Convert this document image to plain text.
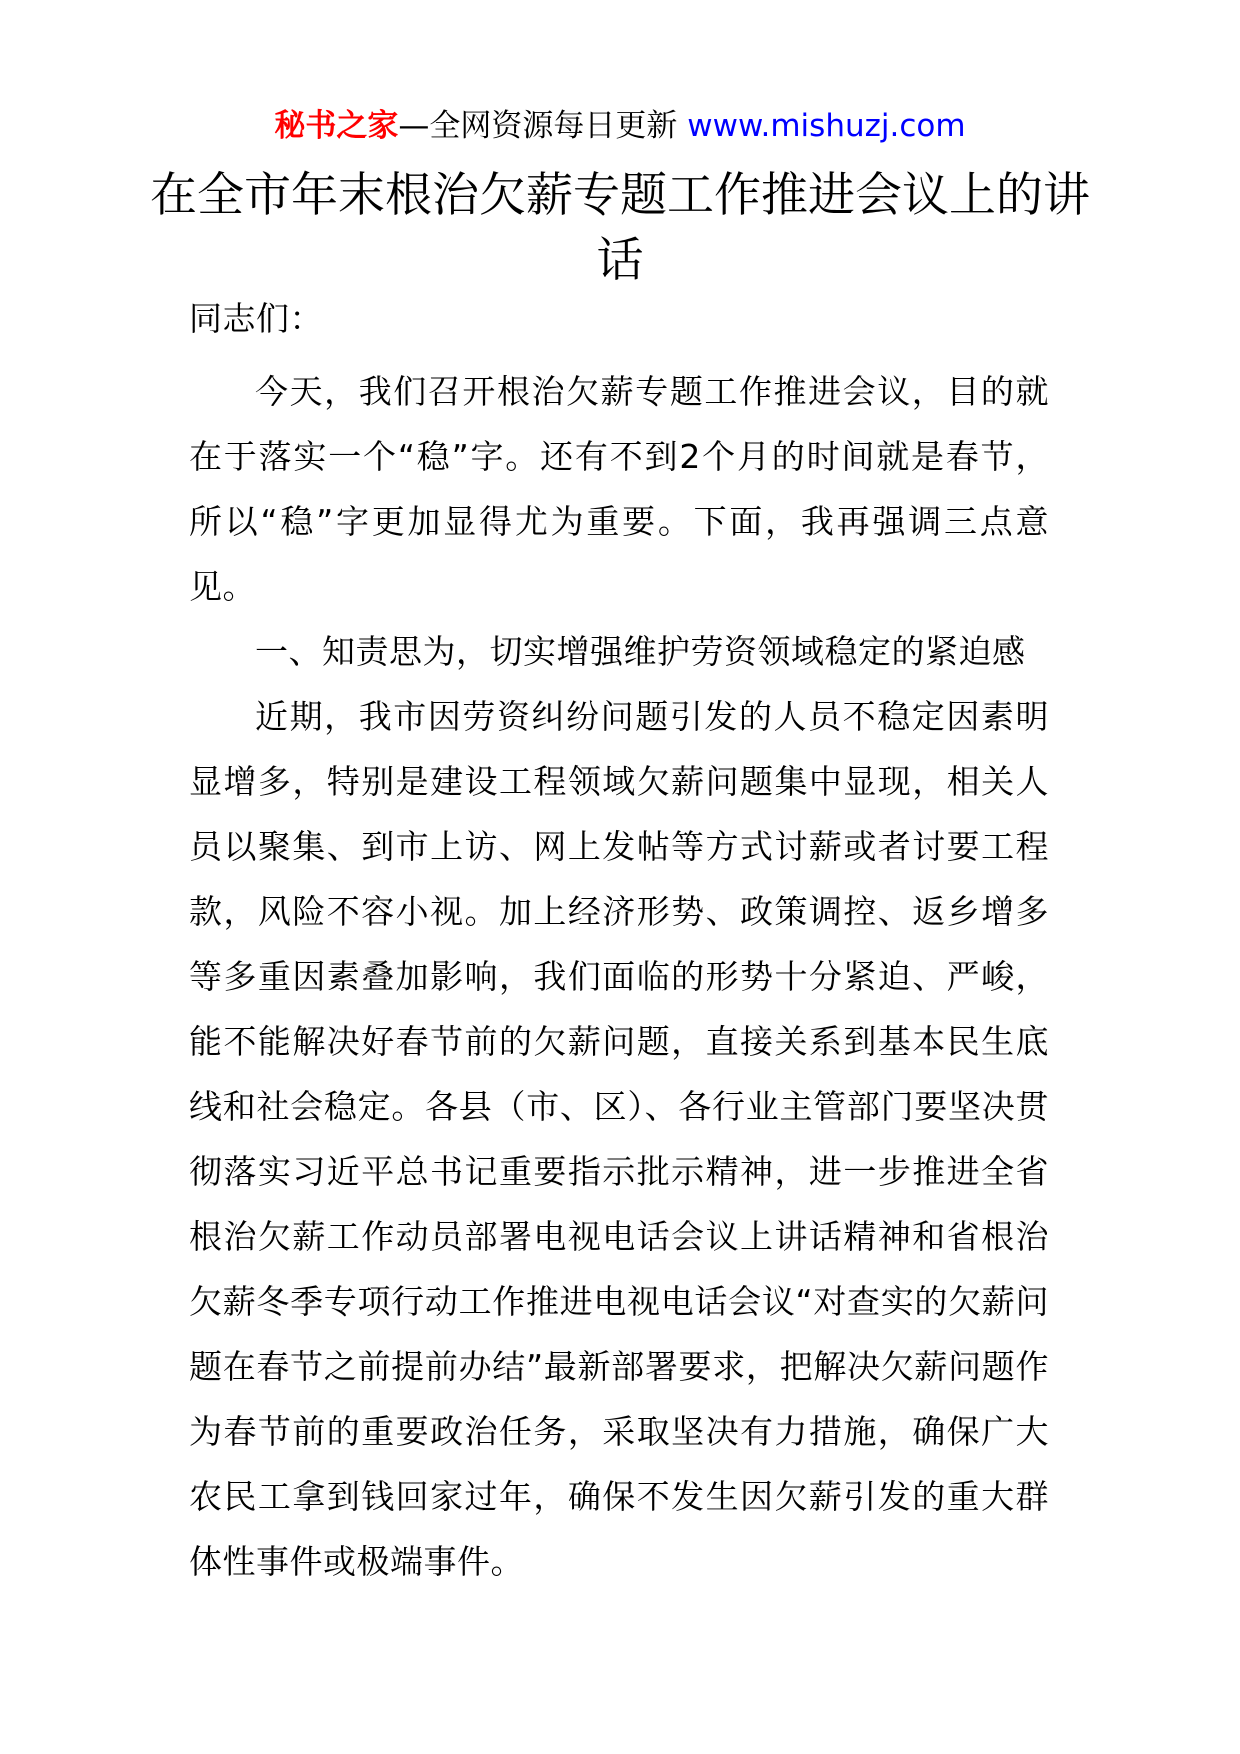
秘书之家—全网资源每日更新 www.mishuzj.com
在全市年末根治欠薪专题工作推进会议上的讲话

同志们：

今天，我们召开根治欠薪专题工作推进会议，目的就在于落实一个“稳”字。还有不到2个月的时间就是春节，所以“稳”字更加显得尤为重要。下面，我再强调三点意见。

一、知责思为，切实增强维护劳资领域稳定的紧迫感

近期，我市因劳资纠纷问题引发的人员不稳定因素明显增多，特别是建设工程领域欠薪问题集中显现，相关人员以聚集、到市上访、网上发帖等方式讨薪或者讨要工程款，风险不容小视。加上经济形势、政策调控、返乡增多等多重因素叠加影响，我们面临的形势十分紧迫、严峻，能不能解决好春节前的欠薪问题，直接关系到基本民生底线和社会稳定。各县（市、区）、各行业主管部门要坚决贯彻落实习近平总书记重要指示批示精神，进一步推进全省根治欠薪工作动员部署电视电话会议上讲话精神和省根治欠薪冬季专项行动工作推进电视电话会议“对查实的欠薪问题在春节之前提前办结”最新部署要求，把解决欠薪问题作为春节前的重要政治任务，采取坚决有力措施，确保广大农民工拿到钱回家过年，确保不发生因欠薪引发的重大群体性事件或极端事件。
